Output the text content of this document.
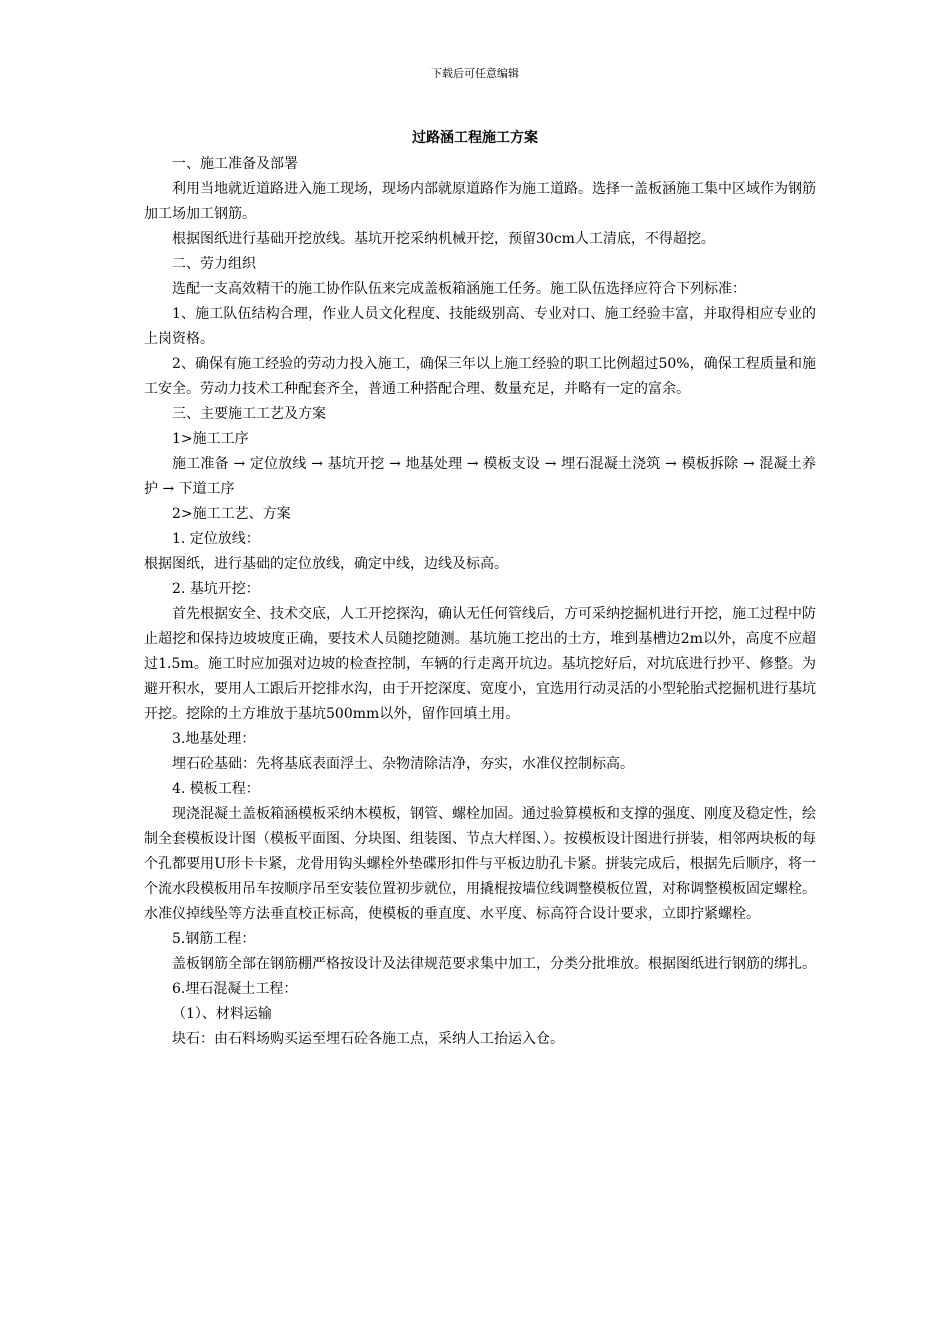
下载后可任意编辑
过路涵工程施工方案

一、施工准备及部署

利用当地就近道路进入施工现场，现场内部就原道路作为施工道路。选择一盖板涵施工集中区域作为钢筋加工场加工钢筋。

根据图纸进行基础开挖放线。基坑开挖采纳机械开挖，预留30cm人工清底，不得超挖。

二、劳力组织

选配一支高效精干的施工协作队伍来完成盖板箱涵施工任务。施工队伍选择应符合下列标准：

1、施工队伍结构合理，作业人员文化程度、技能级别高、专业对口、施工经验丰富，并取得相应专业的上岗资格。

2、确保有施工经验的劳动力投入施工，确保三年以上施工经验的职工比例超过50%，确保工程质量和施工安全。劳动力技术工种配套齐全，普通工种搭配合理、数量充足，并略有一定的富余。

三、主要施工工艺及方案

1>施工工序

施工准备 → 定位放线 → 基坑开挖 → 地基处理 → 模板支设 → 埋石混凝土浇筑 → 模板拆除 → 混凝土养护 → 下道工序

2>施工工艺、方案

1. 定位放线：

根据图纸，进行基础的定位放线，确定中线，边线及标高。

2. 基坑开挖：

首先根据安全、技术交底，人工开挖探沟，确认无任何管线后，方可采纳挖掘机进行开挖，施工过程中防止超挖和保持边坡坡度正确，要技术人员随挖随测。基坑施工挖出的土方，堆到基槽边2m以外，高度不应超过1.5m。施工时应加强对边坡的检查控制，车辆的行走离开坑边。基坑挖好后，对坑底进行抄平、修整。为避开积水，要用人工跟后开挖排水沟，由于开挖深度、宽度小，宜选用行动灵活的小型轮胎式挖掘机进行基坑开挖。挖除的土方堆放于基坑500mm以外，留作回填土用。

3.地基处理：

埋石砼基础：先将基底表面浮土、杂物清除洁净，夯实，水准仪控制标高。

4. 模板工程：

现浇混凝土盖板箱涵模板采纳木模板，钢管、螺栓加固。通过验算模板和支撑的强度、刚度及稳定性，绘制全套模板设计图（模板平面图、分块图、组装图、节点大样图、）。按模板设计图进行拼装，相邻两块板的每个孔都要用U形卡卡紧，龙骨用钩头螺栓外垫碟形扣件与平板边肋孔卡紧。拼装完成后，根据先后顺序，将一个流水段模板用吊车按顺序吊至安装位置初步就位，用撬棍按墙位线调整模板位置，对称调整模板固定螺栓。水准仪掉线坠等方法垂直校正标高，使模板的垂直度、水平度、标高符合设计要求，立即拧紧螺栓。

5.钢筋工程：

盖板钢筋全部在钢筋棚严格按设计及法律规范要求集中加工，分类分批堆放。根据图纸进行钢筋的绑扎。

6.埋石混凝土工程：

（1）、材料运输

块石：由石料场购买运至埋石砼各施工点，采纳人工抬运入仓。
